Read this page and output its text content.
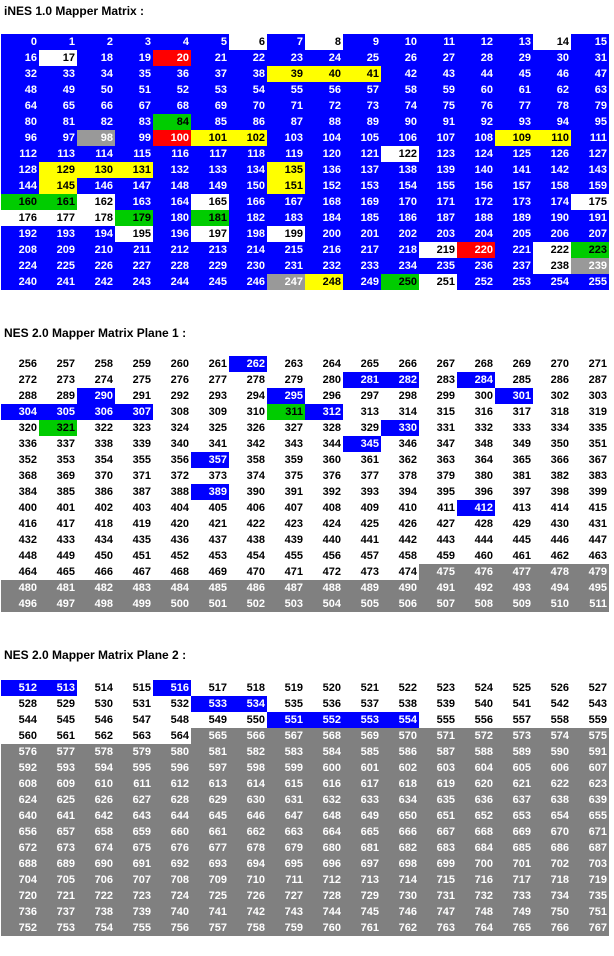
iNES 1.0 Mapper Matrix :
0	1	2	3	4	5	6	7	8	9	10	11	12	13	14	15
16	17	18	19	20	21	22	23	24	25	26	27	28	29	30	31
32	33	34	35	36	37	38	39	40	41	42	43	44	45	46	47
48	49	50	51	52	53	54	55	56	57	58	59	60	61	62	63
64	65	66	67	68	69	70	71	72	73	74	75	76	77	78	79
80	81	82	83	84	85	86	87	88	89	90	91	92	93	94	95
96	97	98	99	100	101	102	103	104	105	106	107	108	109	110	111
112	113	114	115	116	117	118	119	120	121	122	123	124	125	126	127
128	129	130	131	132	133	134	135	136	137	138	139	140	141	142	143
144	145	146	147	148	149	150	151	152	153	154	155	156	157	158	159
160	161	162	163	164	165	166	167	168	169	170	171	172	173	174	175
176	177	178	179	180	181	182	183	184	185	186	187	188	189	190	191
192	193	194	195	196	197	198	199	200	201	202	203	204	205	206	207
208	209	210	211	212	213	214	215	216	217	218	219	220	221	222	223
224	225	226	227	228	229	230	231	232	233	234	235	236	237	238	239
240	241	242	243	244	245	246	247	248	249	250	251	252	253	254	255
NES 2.0 Mapper Matrix Plane 1 :
256	257	258	259	260	261	262	263	264	265	266	267	268	269	270	271
272	273	274	275	276	277	278	279	280	281	282	283	284	285	286	287
288	289	290	291	292	293	294	295	296	297	298	299	300	301	302	303
304	305	306	307	308	309	310	311	312	313	314	315	316	317	318	319
320	321	322	323	324	325	326	327	328	329	330	331	332	333	334	335
336	337	338	339	340	341	342	343	344	345	346	347	348	349	350	351
352	353	354	355	356	357	358	359	360	361	362	363	364	365	366	367
368	369	370	371	372	373	374	375	376	377	378	379	380	381	382	383
384	385	386	387	388	389	390	391	392	393	394	395	396	397	398	399
400	401	402	403	404	405	406	407	408	409	410	411	412	413	414	415
416	417	418	419	420	421	422	423	424	425	426	427	428	429	430	431
432	433	434	435	436	437	438	439	440	441	442	443	444	445	446	447
448	449	450	451	452	453	454	455	456	457	458	459	460	461	462	463
464	465	466	467	468	469	470	471	472	473	474	475	476	477	478	479
480	481	482	483	484	485	486	487	488	489	490	491	492	493	494	495
496	497	498	499	500	501	502	503	504	505	506	507	508	509	510	511
NES 2.0 Mapper Matrix Plane 2 :
512	513	514	515	516	517	518	519	520	521	522	523	524	525	526	527
528	529	530	531	532	533	534	535	536	537	538	539	540	541	542	543
544	545	546	547	548	549	550	551	552	553	554	555	556	557	558	559
560	561	562	563	564	565	566	567	568	569	570	571	572	573	574	575
576	577	578	579	580	581	582	583	584	585	586	587	588	589	590	591
592	593	594	595	596	597	598	599	600	601	602	603	604	605	606	607
608	609	610	611	612	613	614	615	616	617	618	619	620	621	622	623
624	625	626	627	628	629	630	631	632	633	634	635	636	637	638	639
640	641	642	643	644	645	646	647	648	649	650	651	652	653	654	655
656	657	658	659	660	661	662	663	664	665	666	667	668	669	670	671
672	673	674	675	676	677	678	679	680	681	682	683	684	685	686	687
688	689	690	691	692	693	694	695	696	697	698	699	700	701	702	703
704	705	706	707	708	709	710	711	712	713	714	715	716	717	718	719
720	721	722	723	724	725	726	727	728	729	730	731	732	733	734	735
736	737	738	739	740	741	742	743	744	745	746	747	748	749	750	751
752	753	754	755	756	757	758	759	760	761	762	763	764	765	766	767
